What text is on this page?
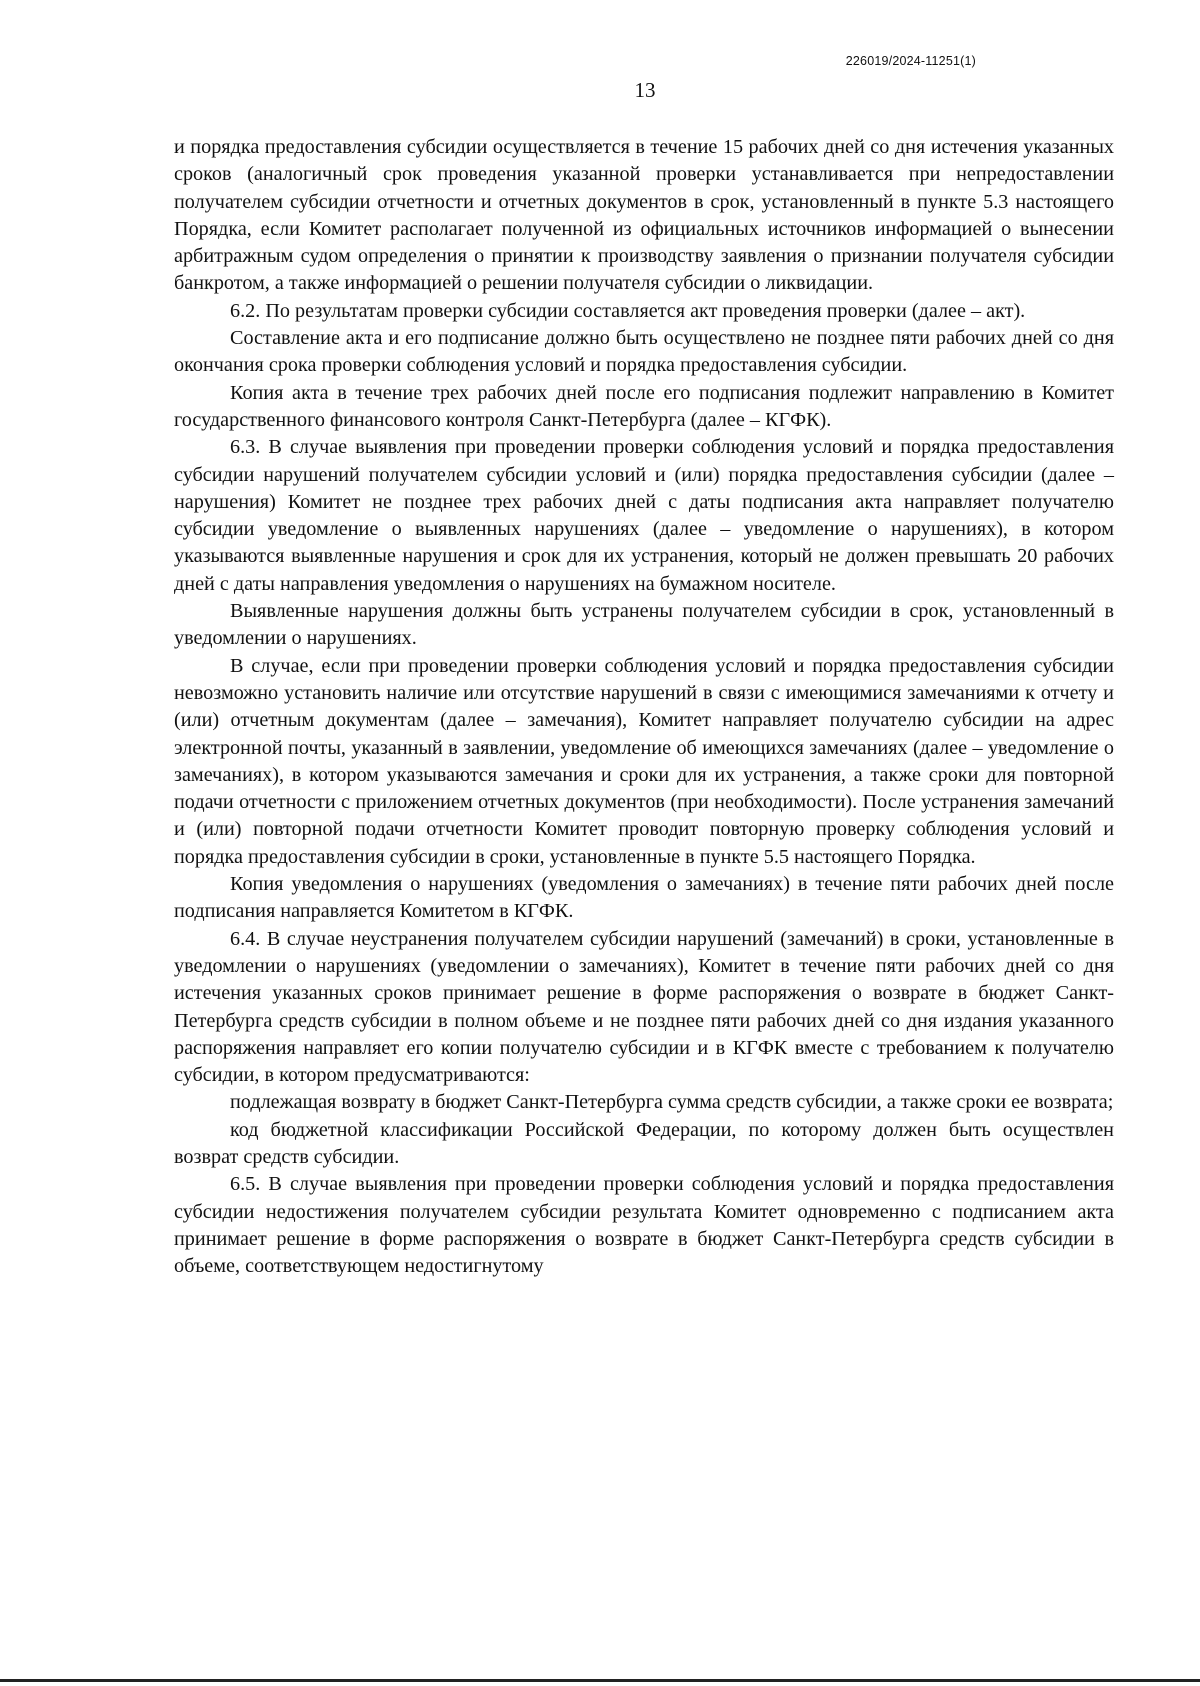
226019/2024-11251(1)
13

и порядка предоставления субсидии осуществляется в течение 15 рабочих дней со дня истечения указанных сроков (аналогичный срок проведения указанной проверки устанавливается при непредоставлении получателем субсидии отчетности и отчетных документов в срок, установленный в пункте 5.3 настоящего Порядка, если Комитет располагает полученной из официальных источников информацией о вынесении арбитражным судом определения о принятии к производству заявления о признании получателя субсидии банкротом, а также информацией о решении получателя субсидии о ликвидации.

6.2. По результатам проверки субсидии составляется акт проведения проверки (далее – акт).

Составление акта и его подписание должно быть осуществлено не позднее пяти рабочих дней со дня окончания срока проверки соблюдения условий и порядка предоставления субсидии.

Копия акта в течение трех рабочих дней после его подписания подлежит направлению в Комитет государственного финансового контроля Санкт-Петербурга (далее – КГФК).

6.3. В случае выявления при проведении проверки соблюдения условий и порядка предоставления субсидии нарушений получателем субсидии условий и (или) порядка предоставления субсидии (далее – нарушения) Комитет не позднее трех рабочих дней с даты подписания акта направляет получателю субсидии уведомление о выявленных нарушениях (далее – уведомление о нарушениях), в котором указываются выявленные нарушения и срок для их устранения, который не должен превышать 20 рабочих дней с даты направления уведомления о нарушениях на бумажном носителе.

Выявленные нарушения должны быть устранены получателем субсидии в срок, установленный в уведомлении о нарушениях.

В случае, если при проведении проверки соблюдения условий и порядка предоставления субсидии невозможно установить наличие или отсутствие нарушений в связи с имеющимися замечаниями к отчету и (или) отчетным документам (далее – замечания), Комитет направляет получателю субсидии на адрес электронной почты, указанный в заявлении, уведомление об имеющихся замечаниях (далее – уведомление о замечаниях), в котором указываются замечания и сроки для их устранения, а также сроки для повторной подачи отчетности с приложением отчетных документов (при необходимости). После устранения замечаний и (или) повторной подачи отчетности Комитет проводит повторную проверку соблюдения условий и порядка предоставления субсидии в сроки, установленные в пункте 5.5 настоящего Порядка.

Копия уведомления о нарушениях (уведомления о замечаниях) в течение пяти рабочих дней после подписания направляется Комитетом в КГФК.

6.4. В случае неустранения получателем субсидии нарушений (замечаний) в сроки, установленные в уведомлении о нарушениях (уведомлении о замечаниях), Комитет в течение пяти рабочих дней со дня истечения указанных сроков принимает решение в форме распоряжения о возврате в бюджет Санкт-Петербурга средств субсидии в полном объеме и не позднее пяти рабочих дней со дня издания указанного распоряжения направляет его копии получателю субсидии и в КГФК вместе с требованием к получателю субсидии, в котором предусматриваются:

подлежащая возврату в бюджет Санкт-Петербурга сумма средств субсидии, а также сроки ее возврата;

код бюджетной классификации Российской Федерации, по которому должен быть осуществлен возврат средств субсидии.

6.5. В случае выявления при проведении проверки соблюдения условий и порядка предоставления субсидии недостижения получателем субсидии результата Комитет одновременно с подписанием акта принимает решение в форме распоряжения о возврате в бюджет Санкт-Петербурга средств субсидии в объеме, соответствующем недостигнутому
